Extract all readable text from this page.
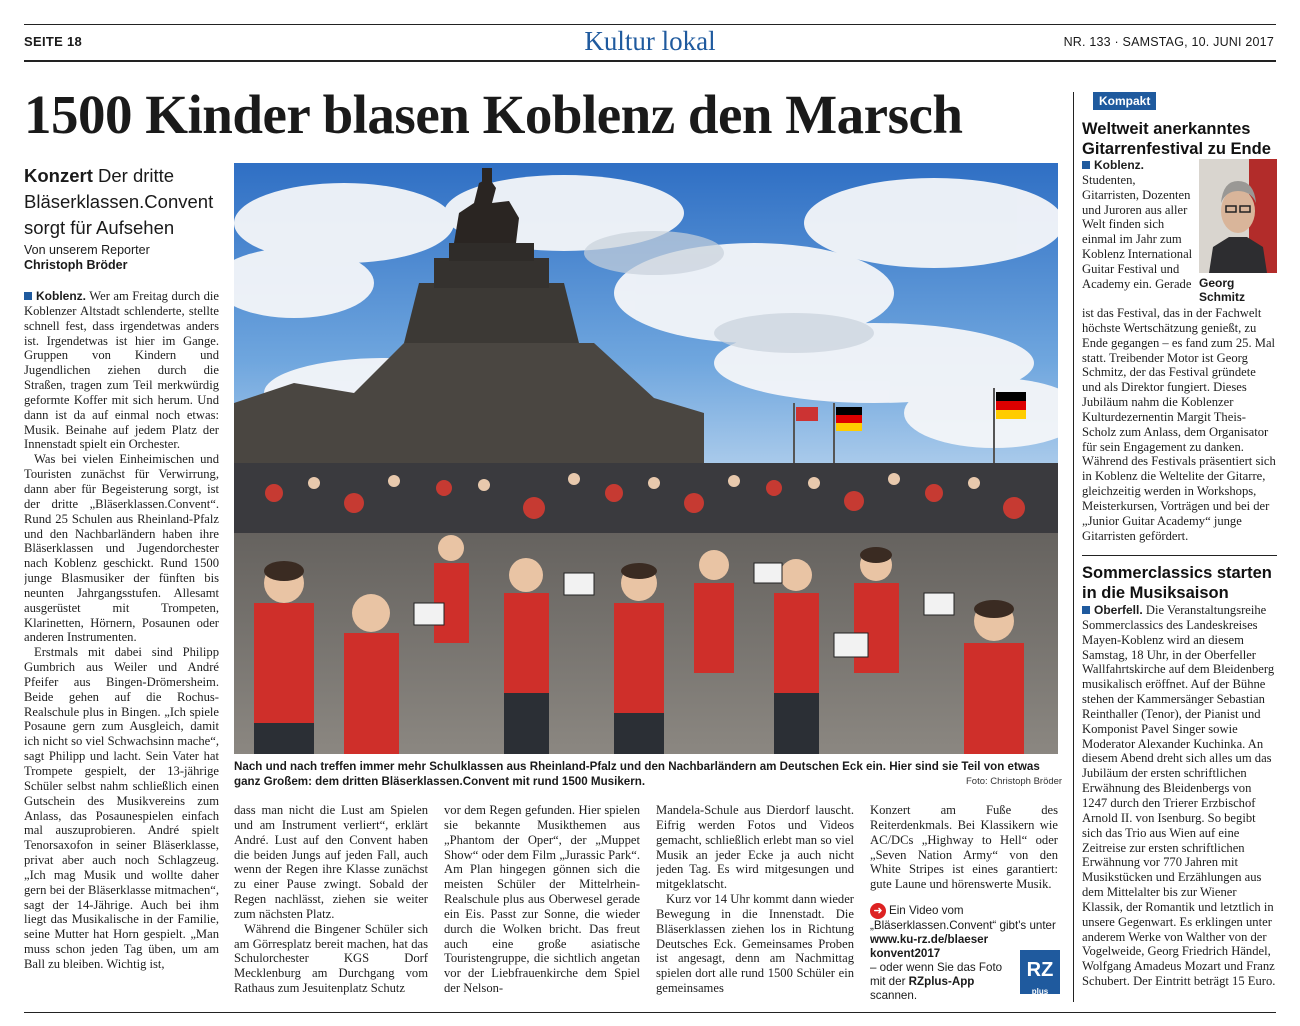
SEITE 18	Kultur lokal	NR. 133 · SAMSTAG, 10. JUNI 2017
1500 Kinder blasen Koblenz den Marsch
Konzert Der dritte Bläserklassen.Convent sorgt für Aufsehen
Von unserem Reporter
Christoph Bröder

Koblenz. Wer am Freitag durch die Koblenzer Altstadt schlenderte, stellte schnell fest, dass irgendetwas anders ist. Irgendetwas ist hier im Gange. Gruppen von Kindern und Jugendlichen ziehen durch die Straßen, tragen zum Teil merkwürdig geformte Koffer mit sich herum. Und dann ist da auf einmal noch etwas: Musik. Beinahe auf jedem Platz der Innenstadt spielt ein Orchester.

Was bei vielen Einheimischen und Touristen zunächst für Verwirrung, dann aber für Begeisterung sorgt, ist der dritte „Bläserklassen.Convent“. Rund 25 Schulen aus Rheinland-Pfalz und den Nachbarländern haben ihre Bläserklassen und Jugendorchester nach Koblenz geschickt. Rund 1500 junge Blasmusiker der fünften bis neunten Jahrgangsstufen. Allesamt ausgerüstet mit Trompeten, Klarinetten, Hörnern, Posaunen oder anderen Instrumenten.

Erstmals mit dabei sind Philipp Gumbrich aus Weiler und André Pfeifer aus Bingen-Drömersheim. Beide gehen auf die Rochus-Realschule plus in Bingen. „Ich spiele Posaune gern zum Ausgleich, damit ich nicht so viel Schwachsinn mache“, sagt Philipp und lacht. Sein Vater hat Trompete gespielt, der 13-jährige Schüler selbst nahm schließlich einen Gutschein des Musikvereins zum Anlass, das Posaunespielen einfach mal auszuprobieren. André spielt Tenorsaxofon in seiner Bläserklasse, privat aber auch noch Schlagzeug. „Ich mag Musik und wollte daher gern bei der Bläserklasse mitmachen“, sagt der 14-Jährige. Auch bei ihm liegt das Musikalische in der Familie, seine Mutter hat Horn gespielt. „Man muss schon jeden Tag üben, um am Ball zu bleiben. Wichtig ist,

Nach und nach treffen immer mehr Schulklassen aus Rheinland-Pfalz und den Nachbarländern am Deutschen Eck ein. Hier sind sie Teil von etwas ganz Großem: dem dritten Bläserklassen.Convent mit rund 1500 Musikern.	Foto: Christoph Bröder

dass man nicht die Lust am Spielen und am Instrument verliert“, erklärt André. Lust auf den Convent haben die beiden Jungs auf jeden Fall, auch wenn der Regen ihre Klasse zunächst zu einer Pause zwingt. Sobald der Regen nachlässt, ziehen sie weiter zum nächsten Platz.

Während die Bingener Schüler sich am Görresplatz bereit machen, hat das Schulorchester KGS Dorf Mecklenburg am Durchgang vom Rathaus zum Jesuitenplatz Schutz

vor dem Regen gefunden. Hier spielen sie bekannte Musikthemen aus „Phantom der Oper“, der „Muppet Show“ oder dem Film „Jurassic Park“. Am Plan hingegen gönnen sich die meisten Schüler der Mittelrhein-Realschule plus aus Oberwesel gerade ein Eis. Passt zur Sonne, die wieder durch die Wolken bricht. Das freut auch eine große asiatische Touristengruppe, die sichtlich angetan vor der Liebfrauenkirche dem Spiel der Nelson-

Mandela-Schule aus Dierdorf lauscht. Eifrig werden Fotos und Videos gemacht, schließlich erlebt man so viel Musik an jeder Ecke ja auch nicht jeden Tag. Es wird mitgesungen und mitgeklatscht.

Kurz vor 14 Uhr kommt dann wieder Bewegung in die Innenstadt. Die Bläserklassen ziehen los in Richtung Deutsches Eck. Gemeinsames Proben ist angesagt, denn am Nachmittag spielen dort alle rund 1500 Schüler ein gemeinsames

Konzert am Fuße des Reiterdenkmals. Bei Klassikern wie AC/DCs „Highway to Hell“ oder „Seven Nation Army“ von den White Stripes ist eines garantiert: gute Laune und hörenswerte Musik.

➜ Ein Video vom „Bläserklassen.Convent“ gibt's unter
www.ku-rz.de/blaeser konvent2017
– oder wenn Sie das Foto mit der RZplus-App scannen.
RZ
plus
Kompakt
Weltweit anerkanntes Gitarrenfestival zu Ende
Koblenz. Studenten, Gitarristen, Dozenten und Juroren aus aller Welt finden sich einmal im Jahr zum Koblenz International Guitar Festival und Academy ein. Gerade Georg
Schmitz
ist das Festival, das in der Fachwelt höchste Wertschätzung genießt, zu Ende gegangen – es fand zum 25. Mal statt. Treibender Motor ist Georg Schmitz, der das Festival gründete und als Direktor fungiert. Dieses Jubiläum nahm die Koblenzer Kulturdezernentin Margit Theis-Scholz zum Anlass, dem Organisator für sein Engagement zu danken. Während des Festivals präsentiert sich in Koblenz die Weltelite der Gitarre, gleichzeitig werden in Workshops, Meisterkursen, Vorträgen und bei der „Junior Guitar Academy“ junge Gitarristen gefördert.
Sommerclassics starten in die Musiksaison
Oberfell. Die Veranstaltungsreihe Sommerclassics des Landeskreises Mayen-Koblenz wird an diesem Samstag, 18 Uhr, in der Oberfeller Wallfahrtskirche auf dem Bleidenberg musikalisch eröffnet. Auf der Bühne stehen der Kammersänger Sebastian Reinthaller (Tenor), der Pianist und Komponist Pavel Singer sowie Moderator Alexander Kuchinka. An diesem Abend dreht sich alles um das Jubiläum der ersten schriftlichen Erwähnung des Bleidenbergs von 1247 durch den Trierer Erzbischof Arnold II. von Isenburg. So begibt sich das Trio aus Wien auf eine Zeitreise zur ersten schriftlichen Erwähnung vor 770 Jahren mit Musikstücken und Erzählungen aus dem Mittelalter bis zur Wiener Klassik, der Romantik und letztlich in unsere Gegenwart. Es erklingen unter anderem Werke von Walther von der Vogelweide, Georg Friedrich Händel, Wolfgang Amadeus Mozart und Franz Schubert. Der Eintritt beträgt 15 Euro.
